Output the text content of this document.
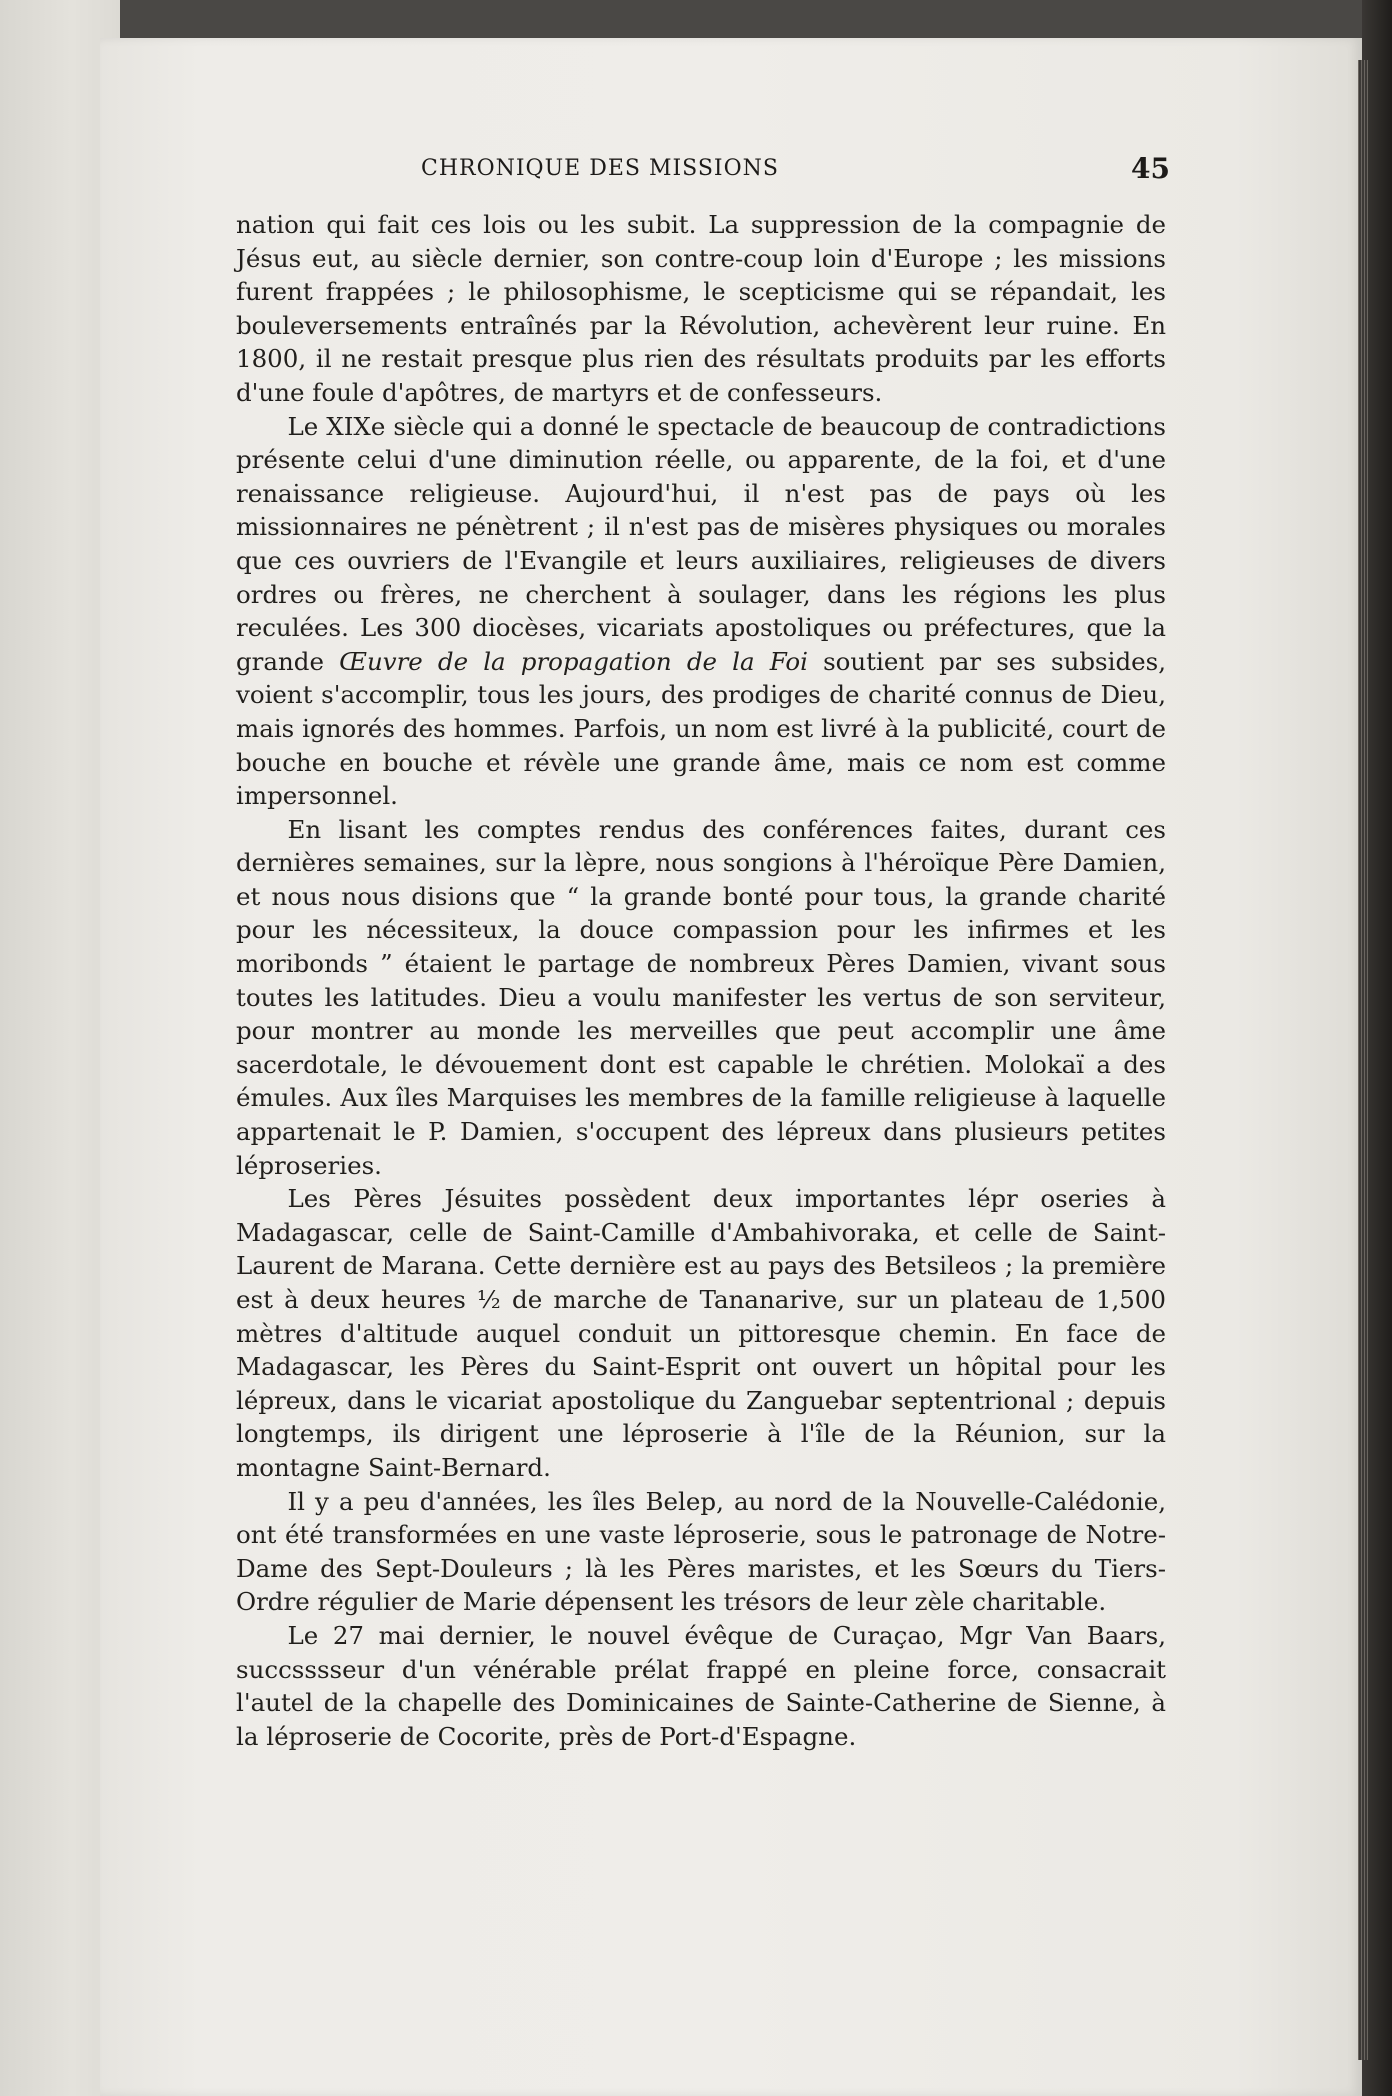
CHRONIQUE DES MISSIONS	45

nation qui fait ces lois ou les subit. La suppression de la compagnie de Jésus eut, au siècle dernier, son contre-coup loin d'Europe ; les missions furent frappées ; le philosophisme, le scepticisme qui se répandait, les bouleversements entraînés par la Révolution, achevèrent leur ruine. En 1800, il ne restait presque plus rien des résultats produits par les efforts d'une foule d'apôtres, de martyrs et de confesseurs.

Le XIXe siècle qui a donné le spectacle de beaucoup de contradictions présente celui d'une diminution réelle, ou apparente, de la foi, et d'une renaissance religieuse. Aujourd'hui, il n'est pas de pays où les missionnaires ne pénètrent ; il n'est pas de misères physiques ou morales que ces ouvriers de l'Evangile et leurs auxiliaires, religieuses de divers ordres ou frères, ne cherchent à soulager, dans les régions les plus reculées. Les 300 diocèses, vicariats apostoliques ou préfectures, que la grande Œuvre de la propagation de la Foi soutient par ses subsides, voient s'accomplir, tous les jours, des prodiges de charité connus de Dieu, mais ignorés des hommes. Parfois, un nom est livré à la publicité, court de bouche en bouche et révèle une grande âme, mais ce nom est comme impersonnel.

En lisant les comptes rendus des conférences faites, durant ces dernières semaines, sur la lèpre, nous songions à l'héroïque Père Damien, et nous nous disions que “ la grande bonté pour tous, la grande charité pour les nécessiteux, la douce compassion pour les infirmes et les moribonds ” étaient le partage de nombreux Pères Damien, vivant sous toutes les latitudes. Dieu a voulu manifester les vertus de son serviteur, pour montrer au monde les merveilles que peut accomplir une âme sacerdotale, le dévouement dont est capable le chrétien. Molokaï a des émules. Aux îles Marquises les membres de la famille religieuse à laquelle appartenait le P. Damien, s'occupent des lépreux dans plusieurs petites léproseries.

Les Pères Jésuites possèdent deux importantes lépr oseries à Madagascar, celle de Saint-Camille d'Ambahivoraka, et celle de Saint-Laurent de Marana. Cette dernière est au pays des Betsileos ; la première est à deux heures ½ de marche de Tananarive, sur un plateau de 1,500 mètres d'altitude auquel conduit un pittoresque chemin. En face de Madagascar, les Pères du Saint-Esprit ont ouvert un hôpital pour les lépreux, dans le vicariat apostolique du Zanguebar septentrional ; depuis longtemps, ils dirigent une léproserie à l'île de la Réunion, sur la montagne Saint-Bernard.

Il y a peu d'années, les îles Belep, au nord de la Nouvelle-Calédonie, ont été transformées en une vaste léproserie, sous le patronage de Notre-Dame des Sept-Douleurs ; là les Pères maristes, et les Sœurs du Tiers-Ordre régulier de Marie dépensent les trésors de leur zèle charitable.

Le 27 mai dernier, le nouvel évêque de Curaçao, Mgr Van Baars, succsssseur d'un vénérable prélat frappé en pleine force, consacrait l'autel de la chapelle des Dominicaines de Sainte-Catherine de Sienne, à la léproserie de Cocorite, près de Port-d'Espagne.
